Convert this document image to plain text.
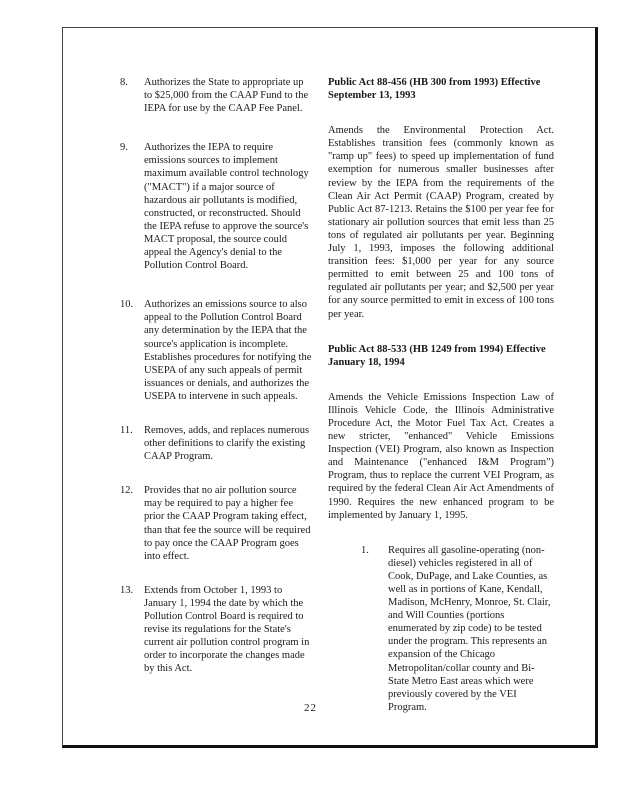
8.	Authorizes the State to appropriate up to $25,000 from the CAAP Fund to the IEPA for use by the CAAP Fee Panel.
9.	Authorizes the IEPA to require emissions sources to implement maximum available control technology ("MACT") if a major source of hazardous air pollutants is modified, constructed, or reconstructed. Should the IEPA refuse to approve the source's MACT proposal, the source could appeal the Agency's denial to the Pollution Control Board.
10.	Authorizes an emissions source to also appeal to the Pollution Control Board any determination by the IEPA that the source's application is incomplete. Establishes procedures for notifying the USEPA of any such appeals of permit issuances or denials, and authorizes the USEPA to intervene in such appeals.
11.	Removes, adds, and replaces numerous other definitions to clarify the existing CAAP Program.
12.	Provides that no air pollution source may be required to pay a higher fee prior the CAAP Program taking effect, than that fee the source will be required to pay once the CAAP Program goes into effect.
13.	Extends from October 1, 1993 to January 1, 1994 the date by which the Pollution Control Board is required to revise its regulations for the State's current air pollution control program in order to incorporate the changes made by this Act.

Public Act 88-456 (HB 300 from 1993) Effective September 13, 1993

Amends the Environmental Protection Act. Establishes transition fees (commonly known as "ramp up" fees) to speed up implementation of fund exemption for numerous smaller businesses after review by the IEPA from the requirements of the Clean Air Act Permit (CAAP) Program, created by Public Act 87-1213. Retains the $100 per year fee for stationary air pollution sources that emit less than 25 tons of regulated air pollutants per year. Beginning July 1, 1993, imposes the following additional transition fees: $1,000 per year for any source permitted to emit between 25 and 100 tons of regulated air pollutants per year; and $2,500 per year for any source permitted to emit in excess of 100 tons per year.

Public Act 88-533 (HB 1249 from 1994) Effective January 18, 1994

Amends the Vehicle Emissions Inspection Law of Illinois Vehicle Code, the Illinois Administrative Procedure Act, the Motor Fuel Tax Act. Creates a new stricter, "enhanced" Vehicle Emissions Inspection (VEI) Program, also known as Inspection and Maintenance ("enhanced I&M Program") Program, thus to replace the current VEI Program, as required by the federal Clean Air Act Amendments of 1990. Requires the new enhanced program to be implemented by January 1, 1995.

1. Requires all gasoline-operating (non-diesel) vehicles registered in all of Cook, DuPage, and Lake Counties, as well as in portions of Kane, Kendall, Madison, McHenry, Monroe, St. Clair, and Will Counties (portions enumerated by zip code) to be tested under the program. This represents an expansion of the Chicago Metropolitan/collar county and Bi-State Metro East areas which were previously covered by the VEI Program.
22
